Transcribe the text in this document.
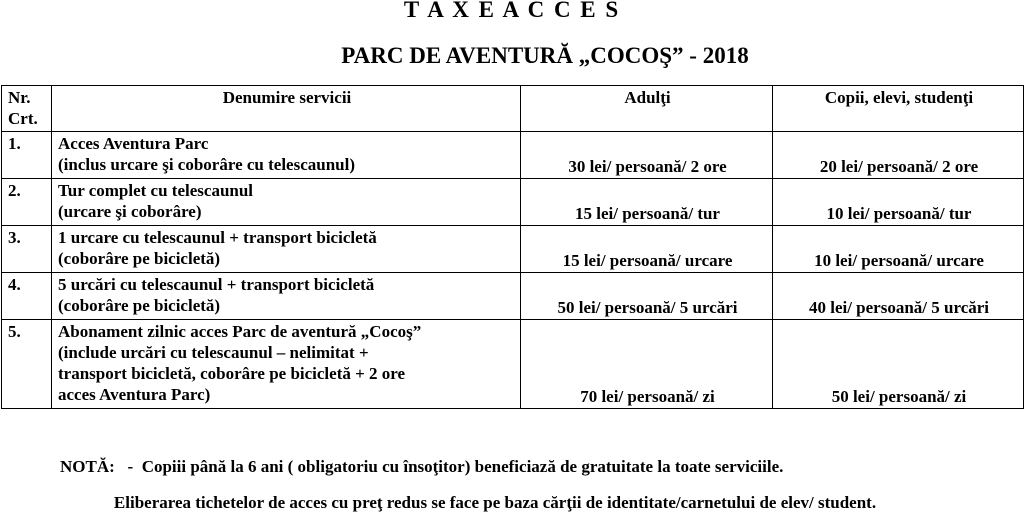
T A X E A C C E S
PARC DE AVENTURĂ „COCOŞ” - 2018
Nr.
Crt.	Denumire servicii	Adulţi	Copii, elevi, studenţi
1.	Acces Aventura Parc
(inclus urcare şi coborâre cu telescaunul)	30 lei/ persoană/ 2 ore	20 lei/ persoană/ 2 ore
2.	Tur complet cu telescaunul
(urcare şi coborâre)	15 lei/ persoană/ tur	10 lei/ persoană/ tur
3.	1 urcare cu telescaunul + transport bicicletă
(coborâre pe bicicletă)	15 lei/ persoană/ urcare	10 lei/ persoană/ urcare
4.	5 urcări cu telescaunul + transport bicicletă
(coborâre pe bicicletă)	50 lei/ persoană/ 5 urcări	40 lei/ persoană/ 5 urcări
5.	Abonament zilnic acces Parc de aventură „Cocoş”
(include urcări cu telescaunul – nelimitat +
transport bicicletă, coborâre pe bicicletă + 2 ore
acces Aventura Parc)	70 lei/ persoană/ zi	50 lei/ persoană/ zi
NOTĂ:   -  Copiii până la 6 ani ( obligatoriu cu însoţitor) beneficiază de gratuitate la toate serviciile.
Eliberarea tichetelor de acces cu preţ redus se face pe baza cărţii de identitate/carnetului de elev/ student.
